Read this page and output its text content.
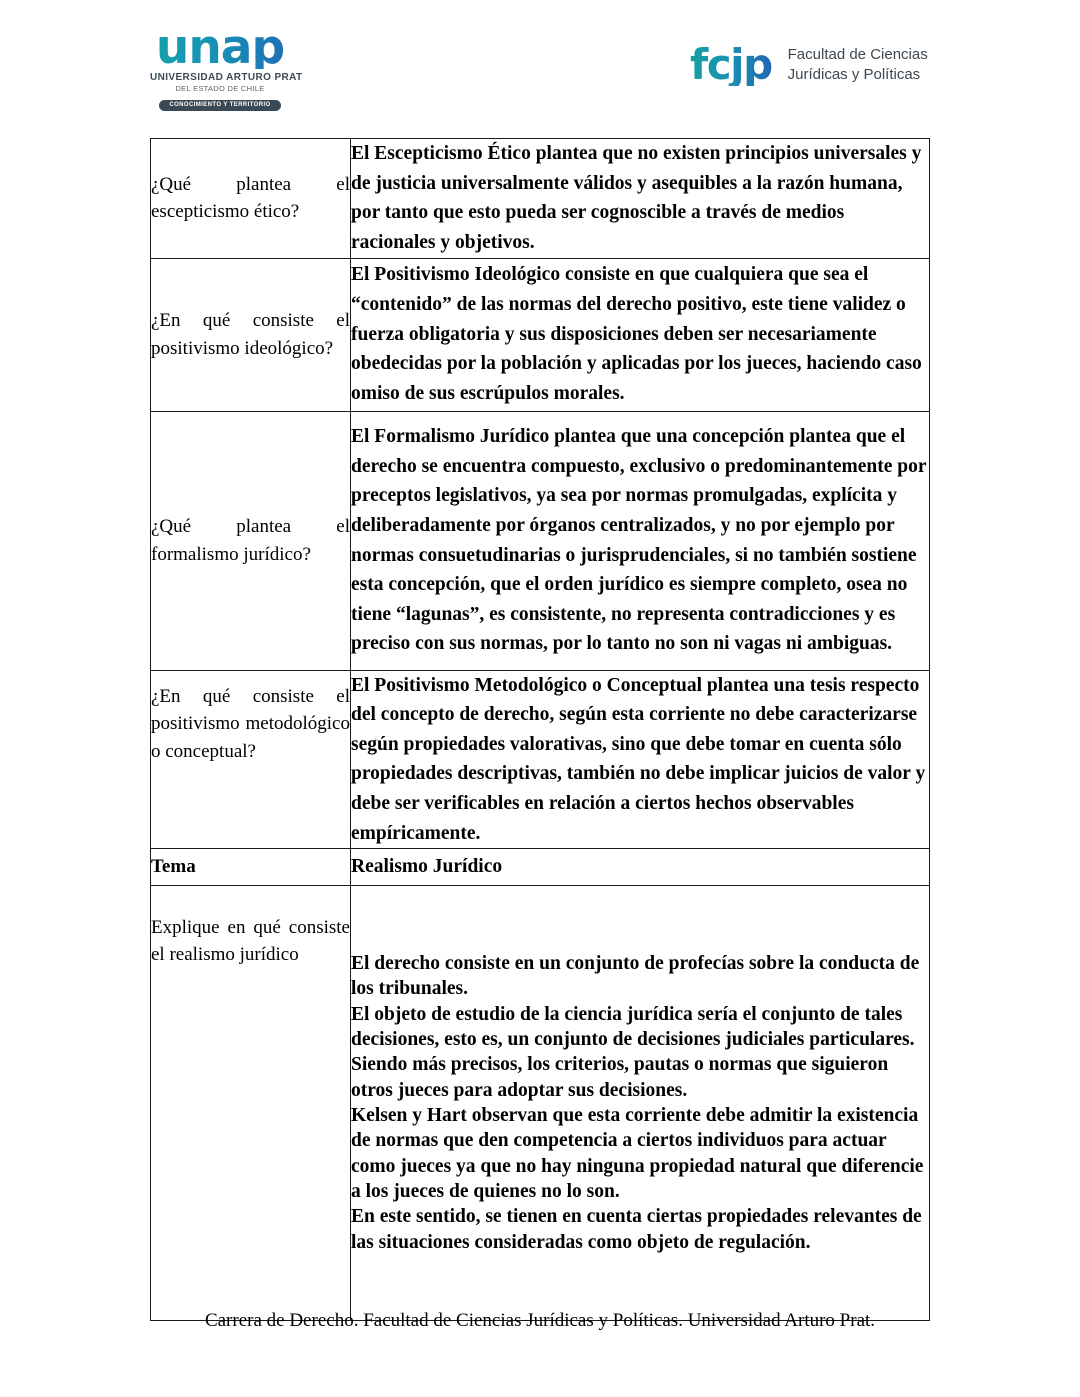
unap
UNIVERSIDAD ARTURO PRAT
DEL ESTADO DE CHILE
CONOCIMIENTO Y TERRITORIO
fcjp Facultad de Ciencias
Jurídicas y Políticas
¿Qué plantea el escepticismo ético?	El Escepticismo Ético plantea que no existen principios universales y de justicia universalmente válidos y asequibles a la razón humana, por tanto que esto pueda ser cognoscible a través de medios racionales y objetivos.
¿En qué consiste el positivismo ideológico?	El Positivismo Ideológico consiste en que cualquiera que sea el “contenido” de las normas del derecho positivo, este tiene validez o fuerza obligatoria y sus disposiciones deben ser necesariamente obedecidas por la población y aplicadas por los jueces, haciendo caso omiso de sus escrúpulos morales.
¿Qué plantea el formalismo jurídico?	El Formalismo Jurídico plantea que una concepción plantea que el derecho se encuentra compuesto, exclusivo o predominantemente por preceptos legislativos, ya sea por normas promulgadas, explícita y deliberadamente por órganos centralizados, y no por ejemplo por normas consuetudinarias o jurisprudenciales, si no también sostiene esta concepción, que el orden jurídico es siempre completo, osea no tiene “lagunas”, es consistente, no representa contradicciones y es preciso con sus normas, por lo tanto no son ni vagas ni ambiguas.
¿En qué consiste el positivismo metodológico o conceptual?	El Positivismo Metodológico o Conceptual plantea una tesis respecto del concepto de derecho, según esta corriente no debe caracterizarse según propiedades valorativas, sino que debe tomar en cuenta sólo propiedades descriptivas, también no debe implicar juicios de valor y debe ser verificables en relación a ciertos hechos observables empíricamente.
Tema	Realismo Jurídico
Explique en qué consiste el realismo jurídico	El derecho consiste en un conjunto de profecías sobre la conducta de los tribunales.

El objeto de estudio de la ciencia jurídica sería el conjunto de tales decisiones, esto es, un conjunto de decisiones judiciales particulares. Siendo más precisos, los criterios, pautas o normas que siguieron otros jueces para adoptar sus decisiones.

Kelsen y Hart observan que esta corriente debe admitir la existencia de normas que den competencia a ciertos individuos para actuar como jueces ya que no hay ninguna propiedad natural que diferencie a los jueces de quienes no lo son.

En este sentido, se tienen en cuenta ciertas propiedades relevantes de las situaciones consideradas como objeto de regulación.

Carrera de Derecho. Facultad de Ciencias Jurídicas y Políticas. Universidad Arturo Prat.
